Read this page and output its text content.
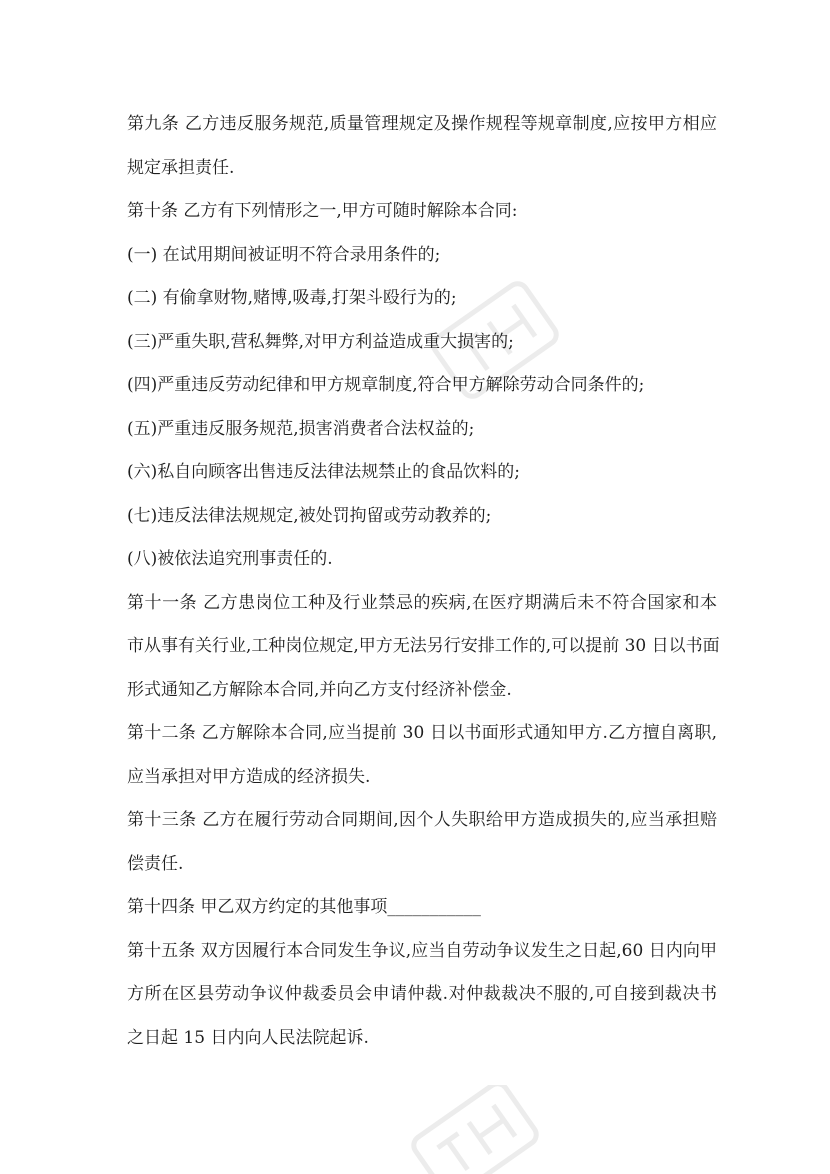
第九条 乙方违反服务规范,质量管理规定及操作规程等规章制度,应按甲方相应
规定承担责任.
第十条 乙方有下列情形之一,甲方可随时解除本合同:
(一) 在试用期间被证明不符合录用条件的;
(二) 有偷拿财物,赌博,吸毒,打架斗殴行为的;
(三)严重失职,营私舞弊,对甲方利益造成重大损害的;
(四)严重违反劳动纪律和甲方规章制度,符合甲方解除劳动合同条件的;
(五)严重违反服务规范,损害消费者合法权益的;
(六)私自向顾客出售违反法律法规禁止的食品饮料的;
(七)违反法律法规规定,被处罚拘留或劳动教养的;
(八)被依法追究刑事责任的.
第十一条 乙方患岗位工种及行业禁忌的疾病,在医疗期满后未不符合国家和本
市从事有关行业,工种岗位规定,甲方无法另行安排工作的,可以提前 30 日以书面
形式通知乙方解除本合同,并向乙方支付经济补偿金.
第十二条 乙方解除本合同,应当提前 30 日以书面形式通知甲方.乙方擅自离职,
应当承担对甲方造成的经济损失.
第十三条 乙方在履行劳动合同期间,因个人失职给甲方造成损失的,应当承担赔
偿责任.
第十四条 甲乙双方约定的其他事项___________
第十五条 双方因履行本合同发生争议,应当自劳动争议发生之日起,60 日内向甲
方所在区县劳动争议仲裁委员会申请仲裁.对仲裁裁决不服的,可自接到裁决书
之日起 15 日内向人民法院起诉.
